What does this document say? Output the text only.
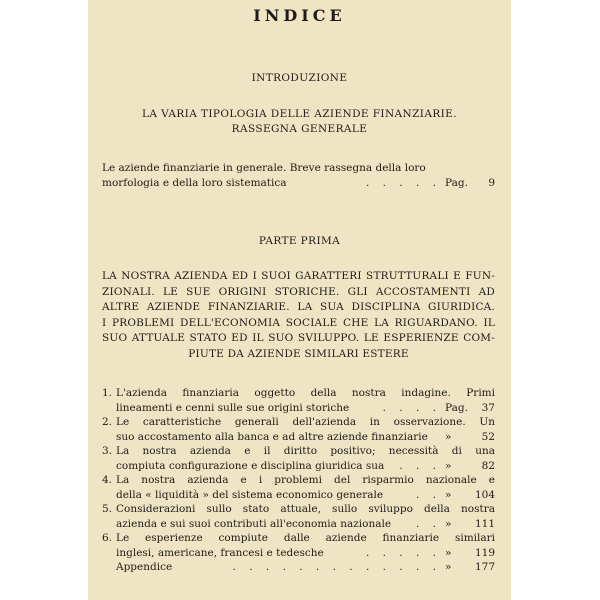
INDICE
INTRODUZIONE
LA VARIA TIPOLOGIA DELLE AZIENDE FINANZIARIE.
RASSEGNA GENERALE
Le aziende finanziarie in generale. Breve rassegna della loro
morfologia e della loro sistematica	. . . . . Pag.	9
PARTE PRIMA
LA NOSTRA AZIENDA ED I SUOI GARATTERI STRUTTURALI E FUN-
ZIONALI. LE SUE ORIGINI STORICHE. GLI ACCOSTAMENTI AD
ALTRE AZIENDE FINANZIARIE. LA SUA DISCIPLINA GIURIDICA.
I PROBLEMI DELL'ECONOMIA SOCIALE CHE LA RIGUARDANO. IL
SUO ATTUALE STATO ED IL SUO SVILUPPO. LE ESPERIENZE COM-
PIUTE DA AZIENDE SIMILARI ESTERE
1. L'azienda finanziaria oggetto della nostra indagine. Primi
lineamenti e cenni sulle sue origini storiche	. . . . Pag.	37
2. Le caratteristiche generali dell'azienda in osservazione. Un
suo accostamento alla banca e ad altre aziende finanziarie »	52
3. La nostra azienda e il diritto positivo; necessità di una
compiuta configurazione e disciplina giuridica sua	. . . »	82
4. La nostra azienda e i problemi del risparmio nazionale e
della « liquidità » del sistema economico generale	. . »	104
5. Considerazioni sullo stato attuale, sullo sviluppo della nostra
azienda e sui suoi contributi all'economia nazionale	. . »	111
6. Le esperienze compiute dalle aziende finanziarie similari
inglesi, americane, francesi e tedesche	. . . . . »	119
Appendice	. . . . . . . . . . . . . »	177
